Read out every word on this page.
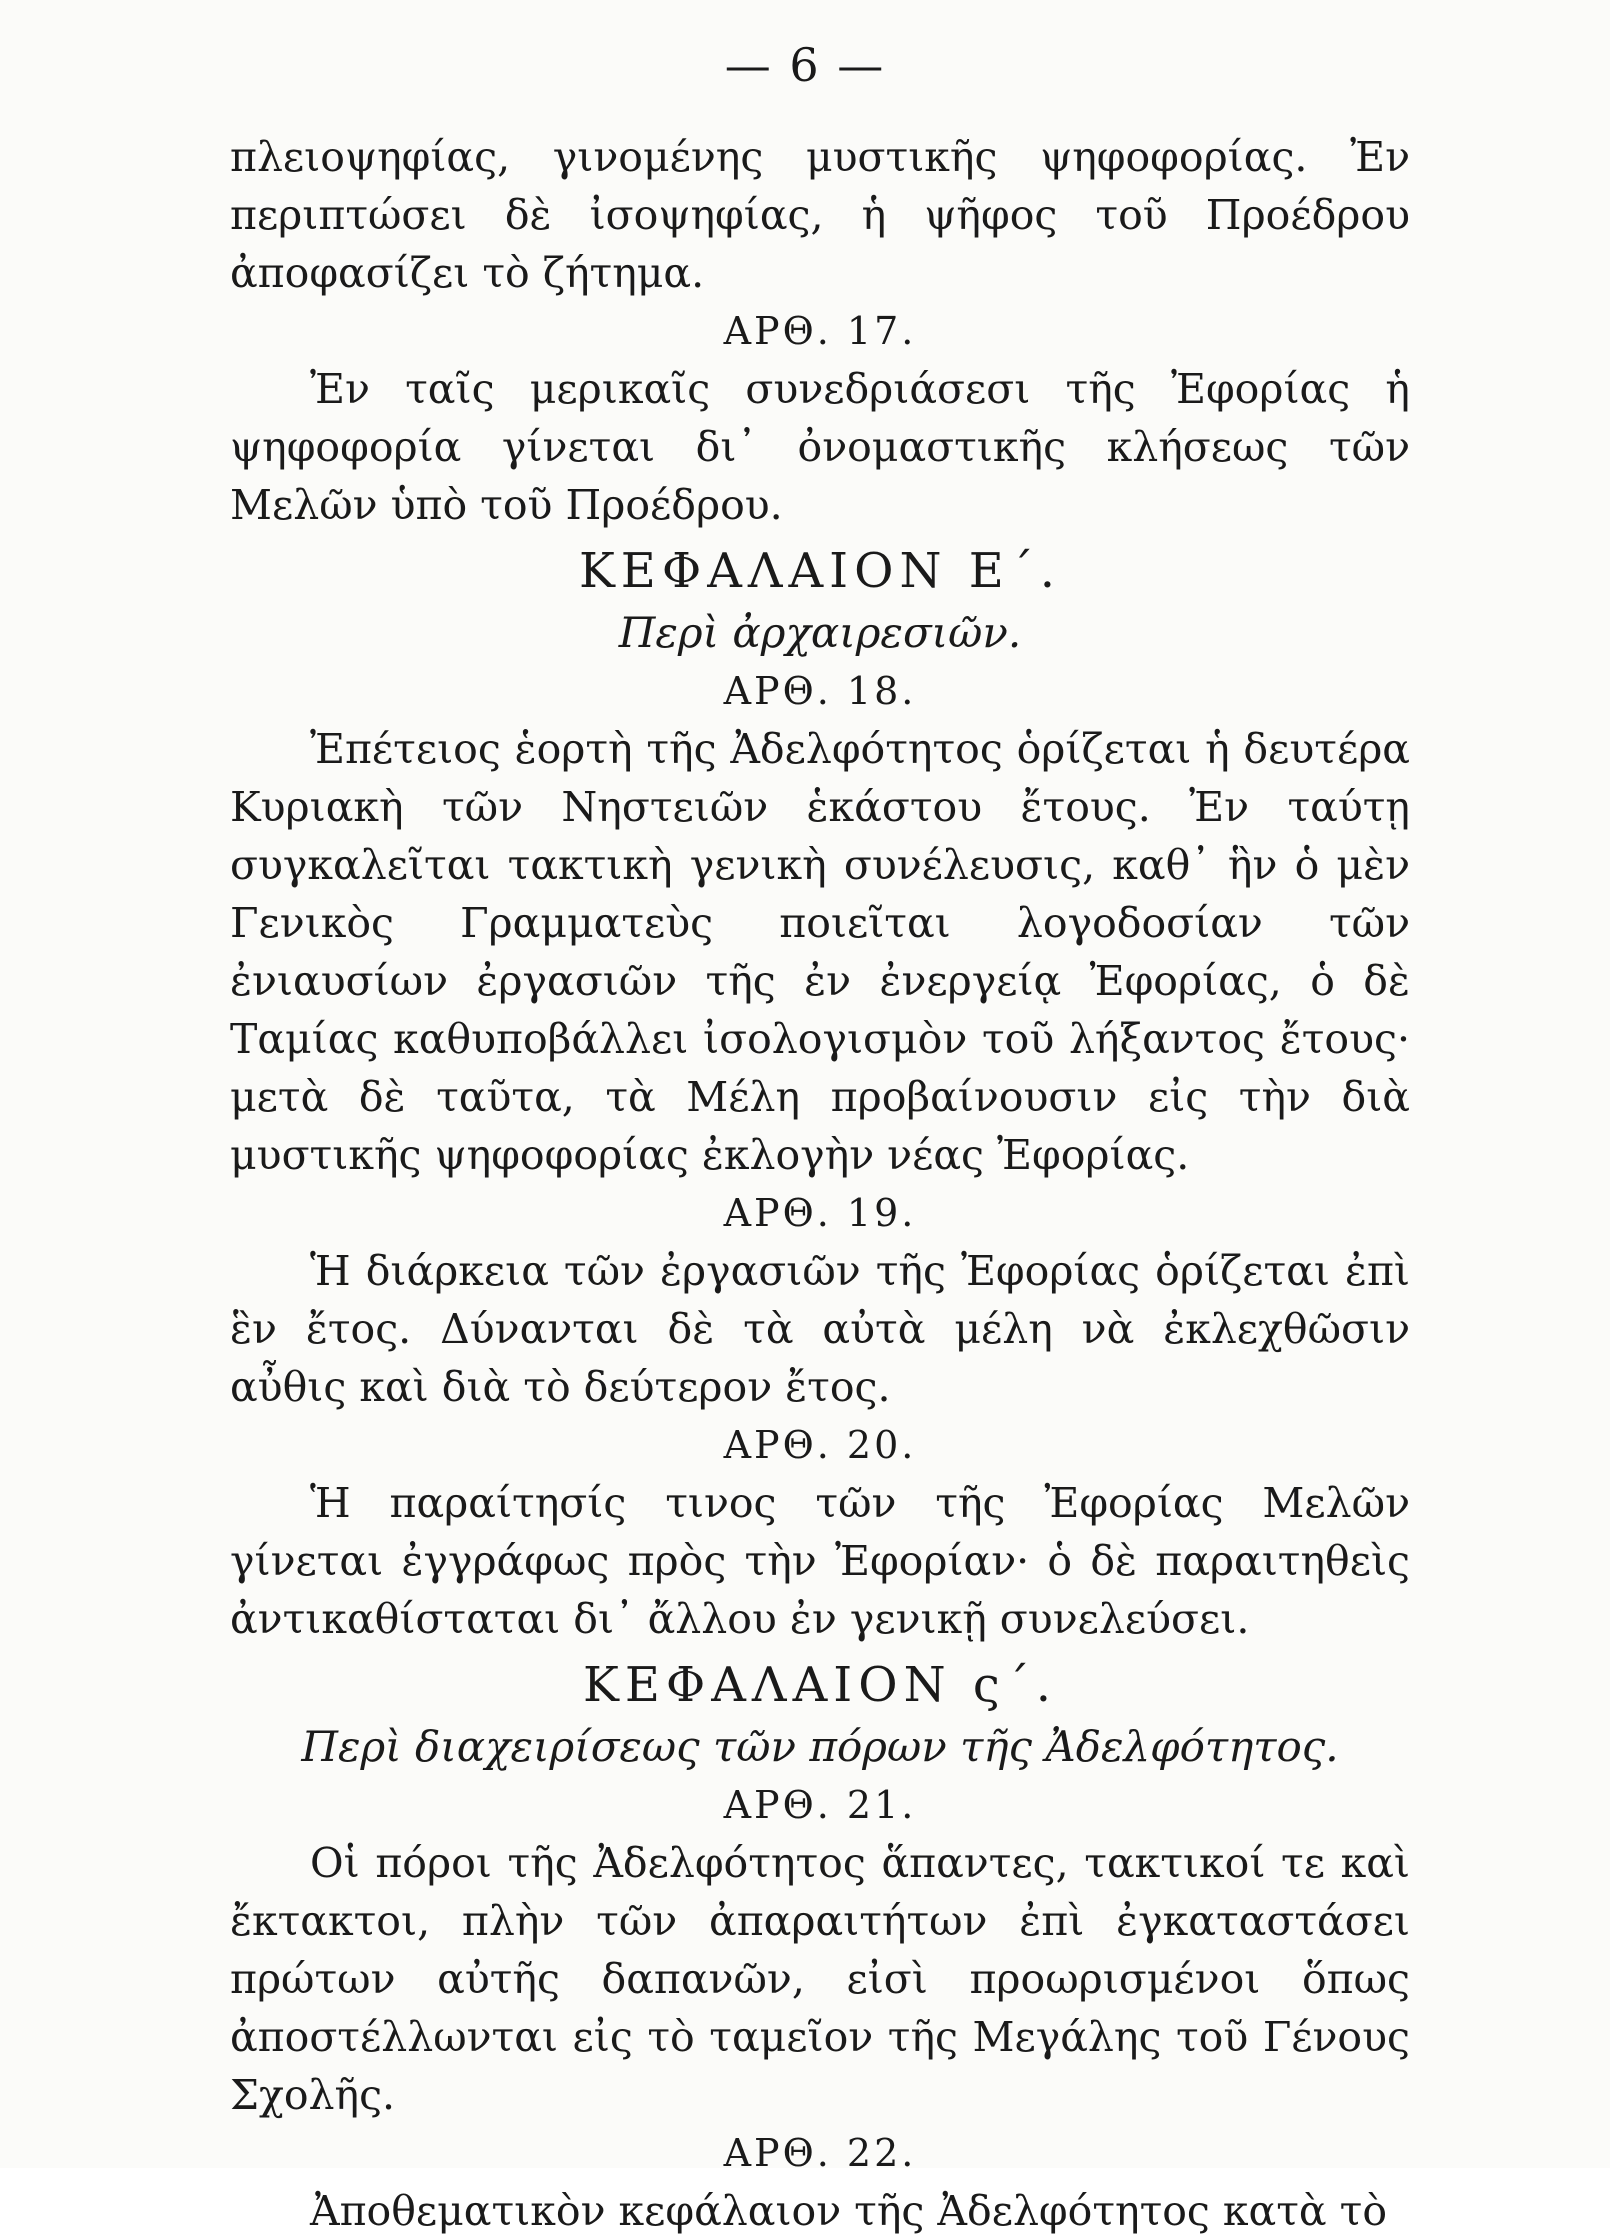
— 6 —

πλειοψηφίας, γινομένης μυστικῆς ψηφοφορίας. Ἐν περιπτώσει δὲ ἰσοψηφίας, ἡ ψῆφος τοῦ Προέδρου ἀποφασίζει τὸ ζήτημα.

ΑΡΘ. 17.

Ἐν ταῖς μερικαῖς συνεδριάσεσι τῆς Ἐφορίας ἡ ψηφοφορία γίνεται δι᾿ ὀνομαστικῆς κλήσεως τῶν Μελῶν ὑπὸ τοῦ Προέδρου.

ΚΕΦΑΛΑΙΟΝ Ε΄.

Περὶ ἀρχαιρεσιῶν.

ΑΡΘ. 18.

Ἐπέτειος ἑορτὴ τῆς Ἀδελφότητος ὁρίζεται ἡ δευτέρα Κυριακὴ τῶν Νηστειῶν ἑκάστου ἔτους. Ἐν ταύτῃ συγκαλεῖται τακτικὴ γενικὴ συνέλευσις, καθ᾿ ἣν ὁ μὲν Γενικὸς Γραμματεὺς ποιεῖται λογοδοσίαν τῶν ἐνιαυσίων ἐργασιῶν τῆς ἐν ἐνεργείᾳ Ἐφορίας, ὁ δὲ Ταμίας καθυποβάλλει ἰσολογισμὸν τοῦ λήξαντος ἔτους· μετὰ δὲ ταῦτα, τὰ Μέλη προβαίνουσιν εἰς τὴν διὰ μυστικῆς ψηφοφορίας ἐκλογὴν νέας Ἐφορίας.

ΑΡΘ. 19.

Ἡ διάρκεια τῶν ἐργασιῶν τῆς Ἐφορίας ὁρίζεται ἐπὶ ἓν ἔτος. Δύνανται δὲ τὰ αὐτὰ μέλη νὰ ἐκλεχθῶσιν αὖθις καὶ διὰ τὸ δεύτερον ἔτος.

ΑΡΘ. 20.

Ἡ παραίτησίς τινος τῶν τῆς Ἐφορίας Μελῶν γίνεται ἐγγράφως πρὸς τὴν Ἐφορίαν· ὁ δὲ παραιτηθεὶς ἀντικαθίσταται δι᾿ ἄλλου ἐν γενικῇ συνελεύσει.

ΚΕΦΑΛΑΙΟΝ ς΄.

Περὶ διαχειρίσεως τῶν πόρων τῆς Ἀδελφότητος.

ΑΡΘ. 21.

Οἱ πόροι τῆς Ἀδελφότητος ἅπαντες, τακτικοί τε καὶ ἔκτακτοι, πλὴν τῶν ἀπαραιτήτων ἐπὶ ἐγκαταστάσει πρώτων αὐτῆς δαπανῶν, εἰσὶ προωρισμένοι ὅπως ἀποστέλλωνται εἰς τὸ ταμεῖον τῆς Μεγάλης τοῦ Γένους Σχολῆς.

ΑΡΘ. 22.

Ἀποθεματικὸν κεφάλαιον τῆς Ἀδελφότητος κατὰ τὸ
